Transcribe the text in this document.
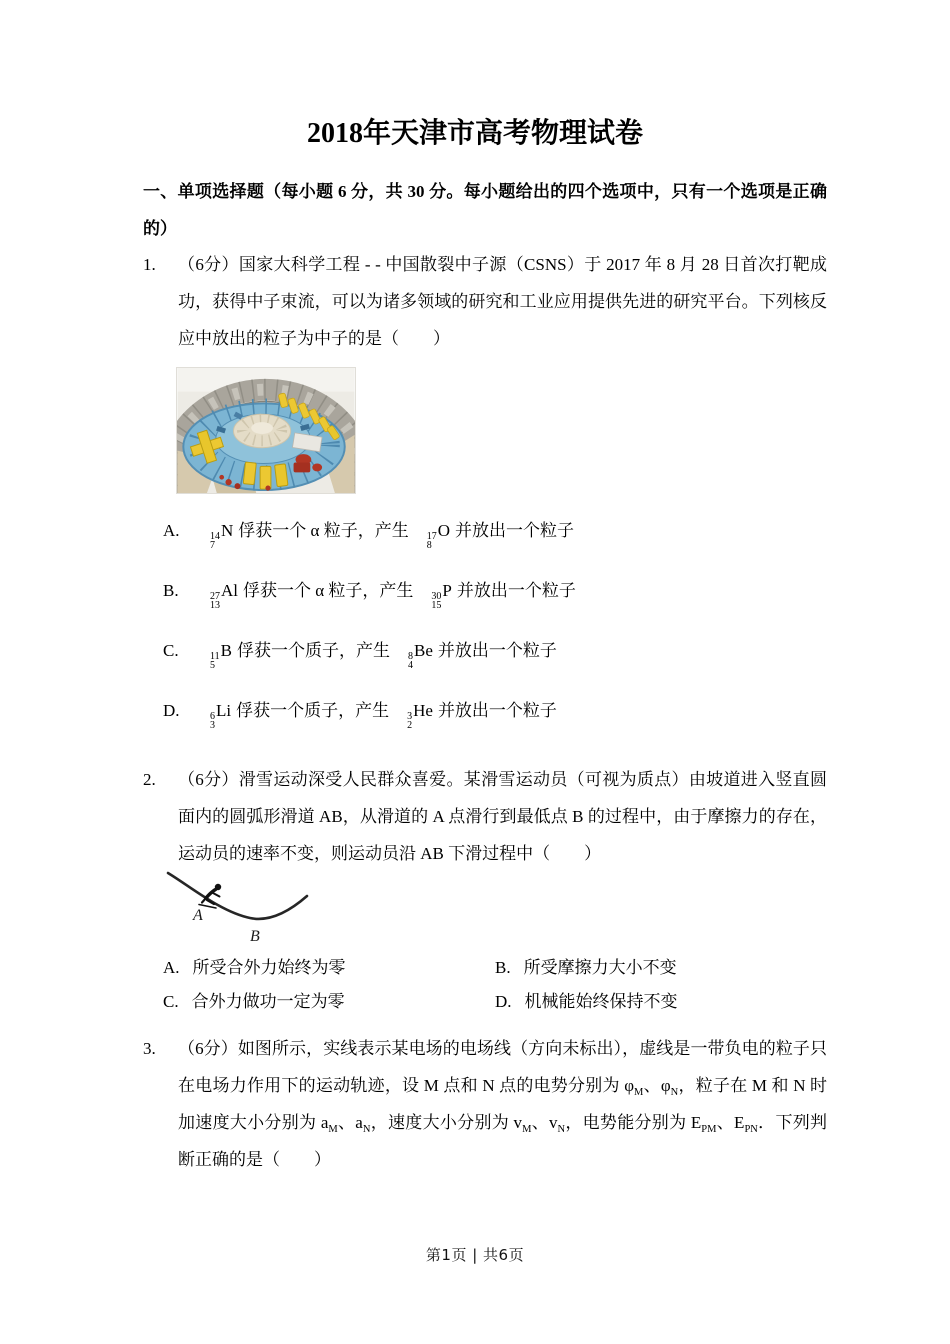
2018年天津市高考物理试卷
一、单项选择题（每小题 6 分，共 30 分。每小题给出的四个选项中，只有一个选项是正确的）
1. （6分）国家大科学工程 - - 中国散裂中子源（CSNS）于 2017 年 8 月 28 日首次打靶成功，获得中子束流，可以为诸多领域的研究和工业应用提供先进的研究平台。下列核反应中放出的粒子为中子的是（　　）
A.	14
7
N 俘获一个 α 粒子，产生 17
8
O 并放出一个粒子
B.	27
13
Al 俘获一个 α 粒子，产生 30
15
P 并放出一个粒子
C.	11
5
B 俘获一个质子，产生 8
4
Be 并放出一个粒子
D.	6
3
Li 俘获一个质子，产生 3
2
He 并放出一个粒子
2. （6分）滑雪运动深受人民群众喜爱。某滑雪运动员（可视为质点）由坡道进入竖直圆面内的圆弧形滑道 AB，从滑道的 A 点滑行到最低点 B 的过程中，由于摩擦力的存在，运动员的速率不变，则运动员沿 AB 下滑过程中（　　）
A
B
A. 所受合外力始终为零	B. 所受摩擦力大小不变
C. 合外力做功一定为零	D. 机械能始终保持不变
3. （6分）如图所示，实线表示某电场的电场线（方向未标出），虚线是一带负电的粒子只在电场力作用下的运动轨迹，设 M 点和 N 点的电势分别为 $\varphi_M$、$\varphi_N$，粒子在 M 和 N 时加速度大小分别为 $a_M$、$a_N$，速度大小分别为 $v_M$、$v_N$，电势能分别为 $E_{PM}$、$E_{PN}$．下列判断正确的是（　　）
第1页 | 共6页
